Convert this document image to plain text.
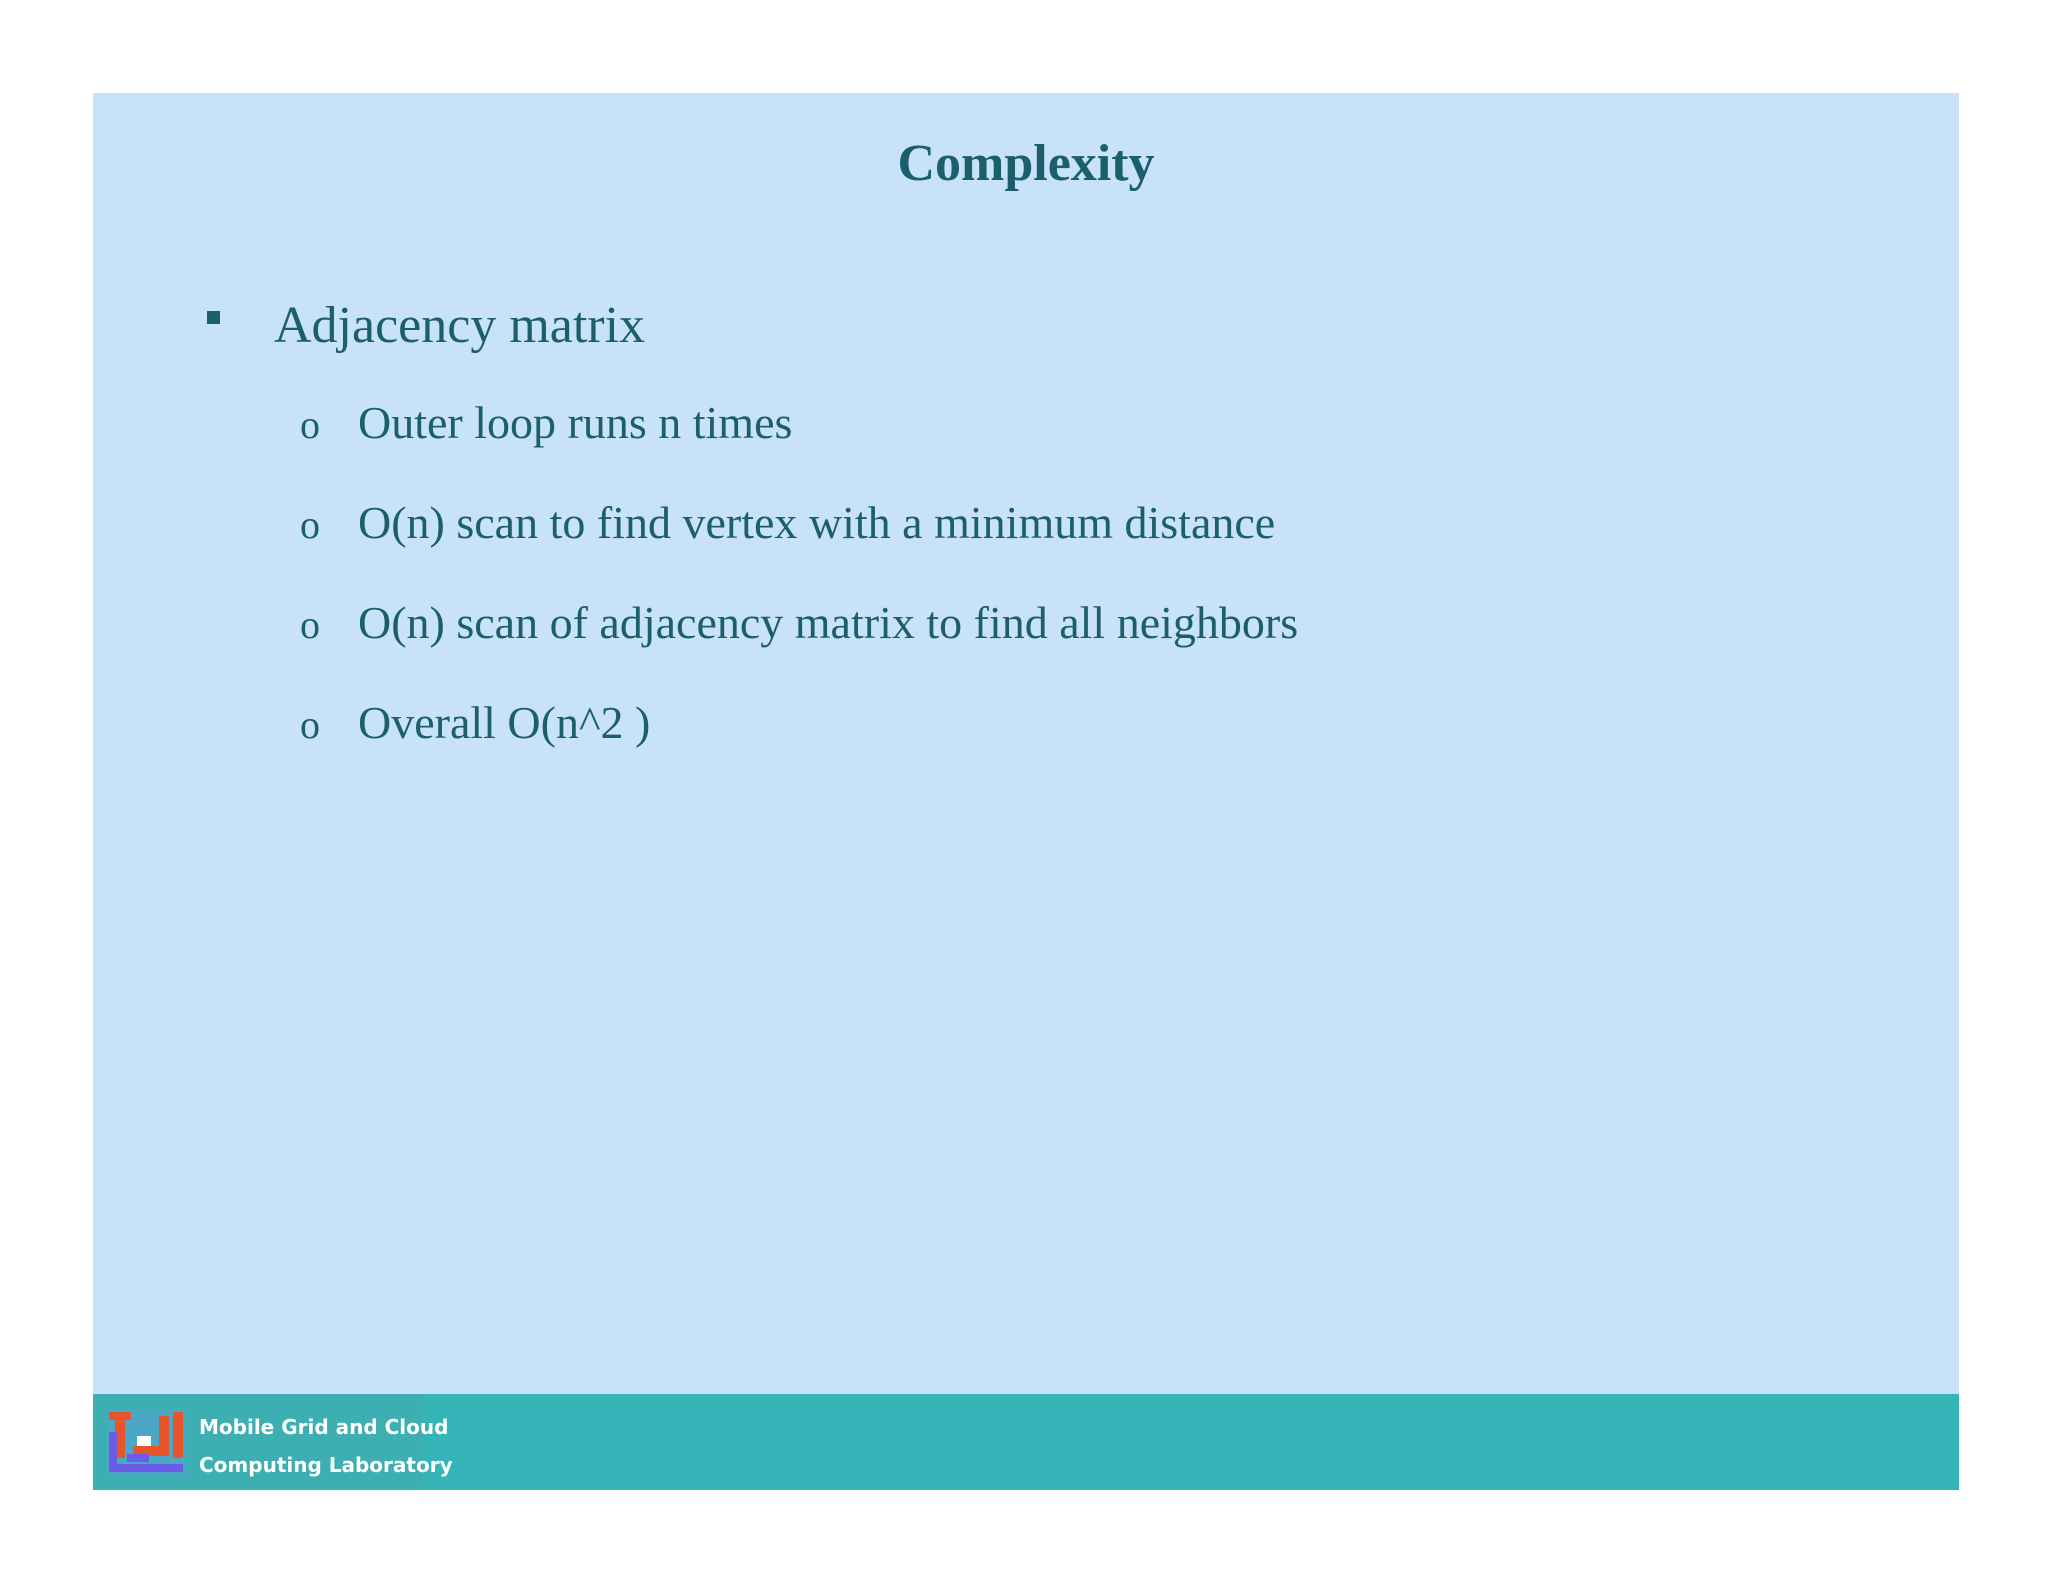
Complexity
Adjacency matrix
o Outer loop runs n times
o O(n) scan to find vertex with a minimum distance
o O(n) scan of adjacency matrix to find all neighbors
o Overall O(n^2 )
Mobile Grid and Cloud
Computing Laboratory
